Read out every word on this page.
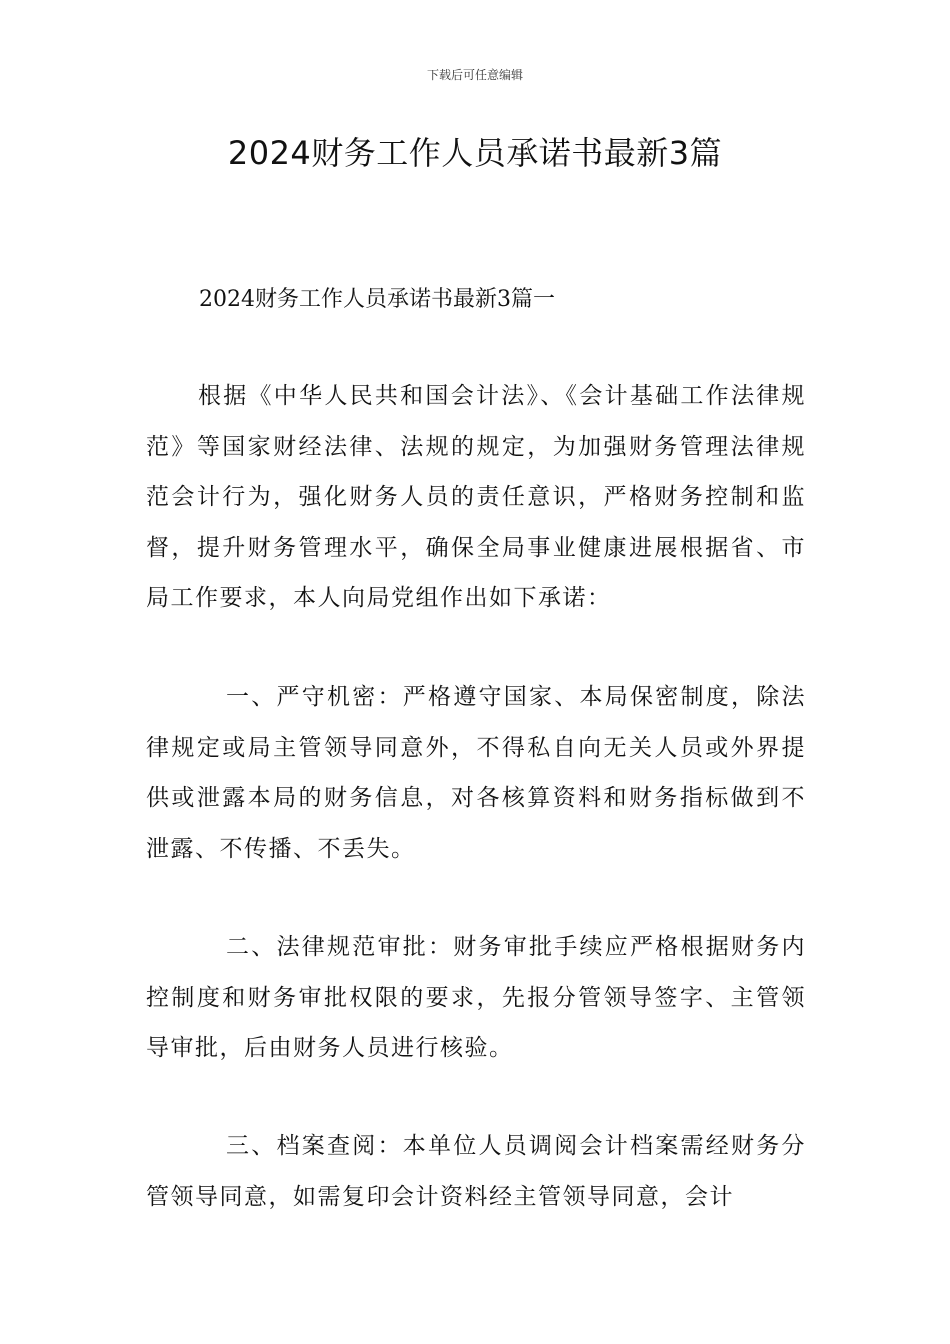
下载后可任意编辑
2024财务工作人员承诺书最新3篇
2024财务工作人员承诺书最新3篇一

根据《中华人民共和国会计法》、《会计基础工作法律规范》等国家财经法律、法规的规定，为加强财务管理法律规范会计行为，强化财务人员的责任意识，严格财务控制和监督，提升财务管理水平，确保全局事业健康进展根据省、市局工作要求，本人向局党组作出如下承诺：

一、严守机密：严格遵守国家、本局保密制度，除法律规定或局主管领导同意外，不得私自向无关人员或外界提供或泄露本局的财务信息，对各核算资料和财务指标做到不泄露、不传播、不丢失。

二、法律规范审批：财务审批手续应严格根据财务内控制度和财务审批权限的要求，先报分管领导签字、主管领导审批，后由财务人员进行核验。

三、档案查阅：本单位人员调阅会计档案需经财务分管领导同意，如需复印会计资料经主管领导同意，会计
